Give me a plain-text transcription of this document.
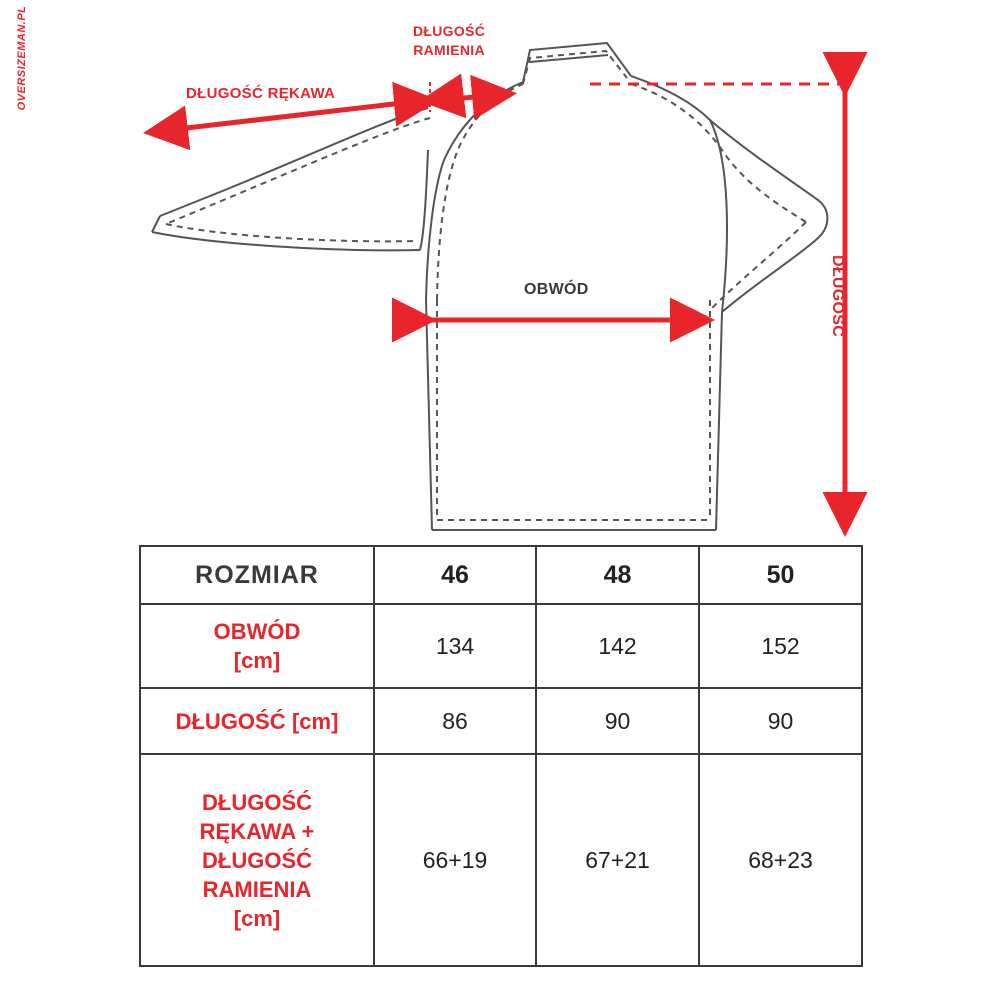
OVERSIZEMAN.PL	DŁUGOŚĆ RĘKAWA
DŁUGOŚĆ
RAMIENIA
OBWÓD	DŁUGOŚĆ
ROZMIAR	46	48	50

OBWÓD
[cm]	134	142	152
DŁUGOŚĆ [cm]	86	90	90

DŁUGOŚĆ RĘKAWA + DŁUGOŚĆ RAMIENIA
[cm]	66+19	67+21	68+23
